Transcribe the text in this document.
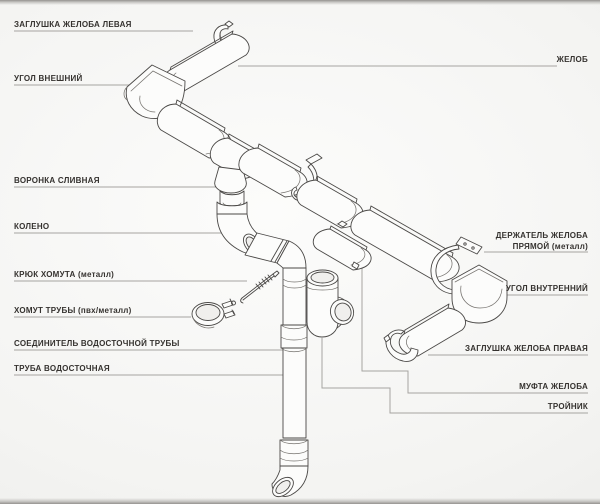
ЗАГЛУШКА ЖЕЛОБА ЛЕВАЯ
УГОЛ ВНЕШНИЙ
ВОРОНКА СЛИВНАЯ
КОЛЕНО
КРЮК ХОМУТА (металл)
ХОМУТ ТРУБЫ (пвх/металл)
СОЕДИНИТЕЛЬ ВОДОСТОЧНОЙ ТРУБЫ
ТРУБА ВОДОСТОЧНАЯ
ЖЕЛОБ
ДЕРЖАТЕЛЬ ЖЕЛОБА
ПРЯМОЙ (металл)
УГОЛ ВНУТРЕННИЙ
ЗАГЛУШКА ЖЕЛОБА ПРАВАЯ
МУФТА ЖЕЛОБА
ТРОЙНИК
